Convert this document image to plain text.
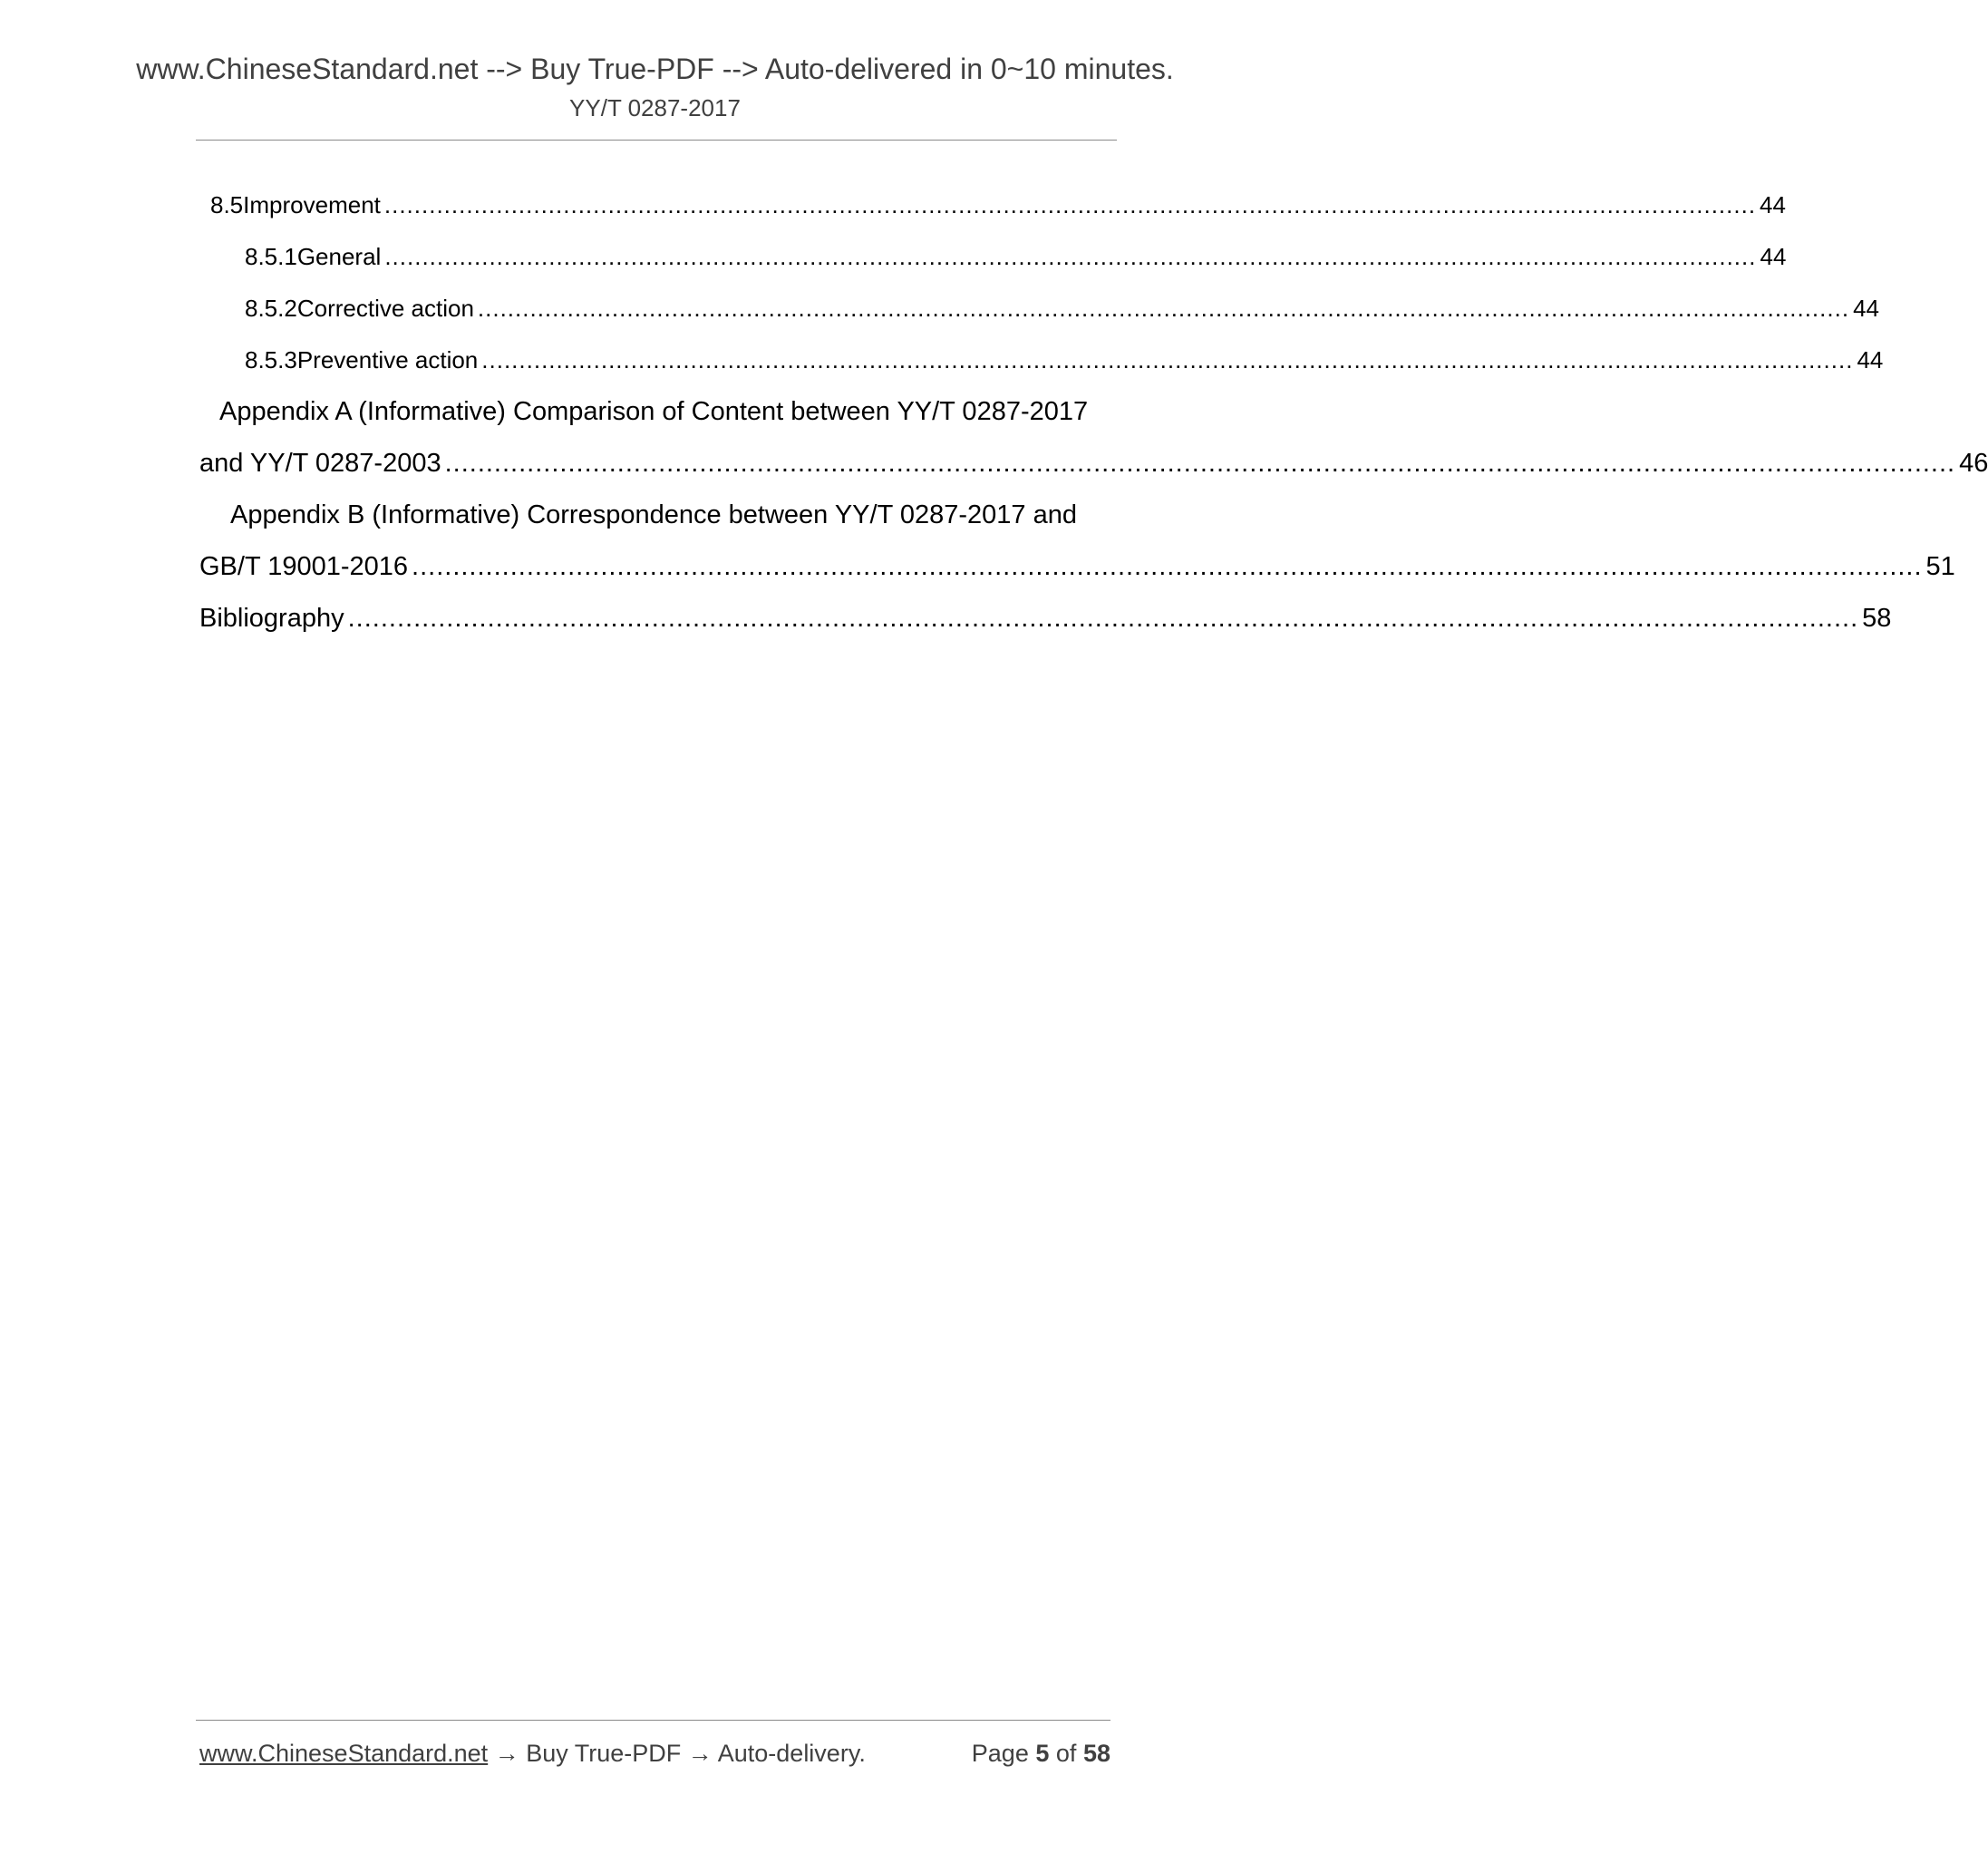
www.ChineseStandard.net --> Buy True-PDF --> Auto-delivered in 0~10 minutes.
YY/T 0287-2017
8.5 Improvement ........................................................................................................................................................................................ 44
8.5.1 General ........................................................................................................................................................................................ 44
8.5.2 Corrective action ........................................................................................................................................................................................ 44
8.5.3 Preventive action ........................................................................................................................................................................................ 44
Appendix A (Informative) Comparison of Content between YY/T 0287-2017
and YY/T 0287-2003 ........................................................................................................................................................................................ 46
Appendix B (Informative) Correspondence between YY/T 0287-2017 and
GB/T 19001-2016 ........................................................................................................................................................................................ 51
Bibliography ........................................................................................................................................................................................ 58
www.ChineseStandard.net → Buy True-PDF → Auto-delivery.	Page 5 of 58
